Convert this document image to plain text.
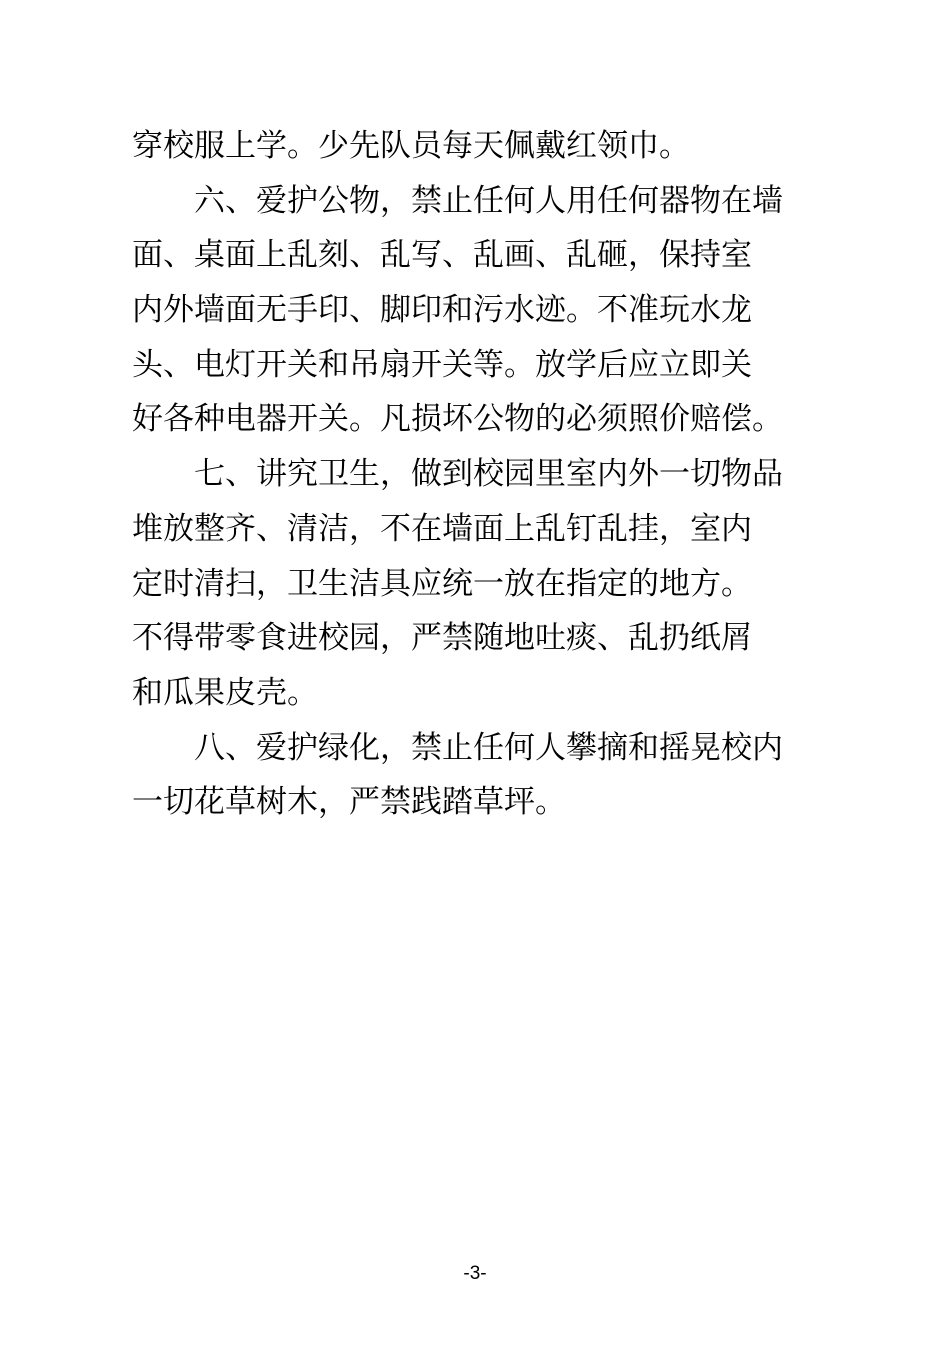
穿校服上学。少先队员每天佩戴红领巾。
六、爱护公物，禁止任何人用任何器物在墙
面、桌面上乱刻、乱写、乱画、乱砸，保持室
内外墙面无手印、脚印和污水迹。不准玩水龙
头、电灯开关和吊扇开关等。放学后应立即关
好各种电器开关。凡损坏公物的必须照价赔偿。
七、讲究卫生，做到校园里室内外一切物品
堆放整齐、清洁，不在墙面上乱钉乱挂，室内
定时清扫，卫生洁具应统一放在指定的地方。
不得带零食进校园，严禁随地吐痰、乱扔纸屑
和瓜果皮壳。
八、爱护绿化，禁止任何人攀摘和摇晃校内
一切花草树木，严禁践踏草坪。
-3-
